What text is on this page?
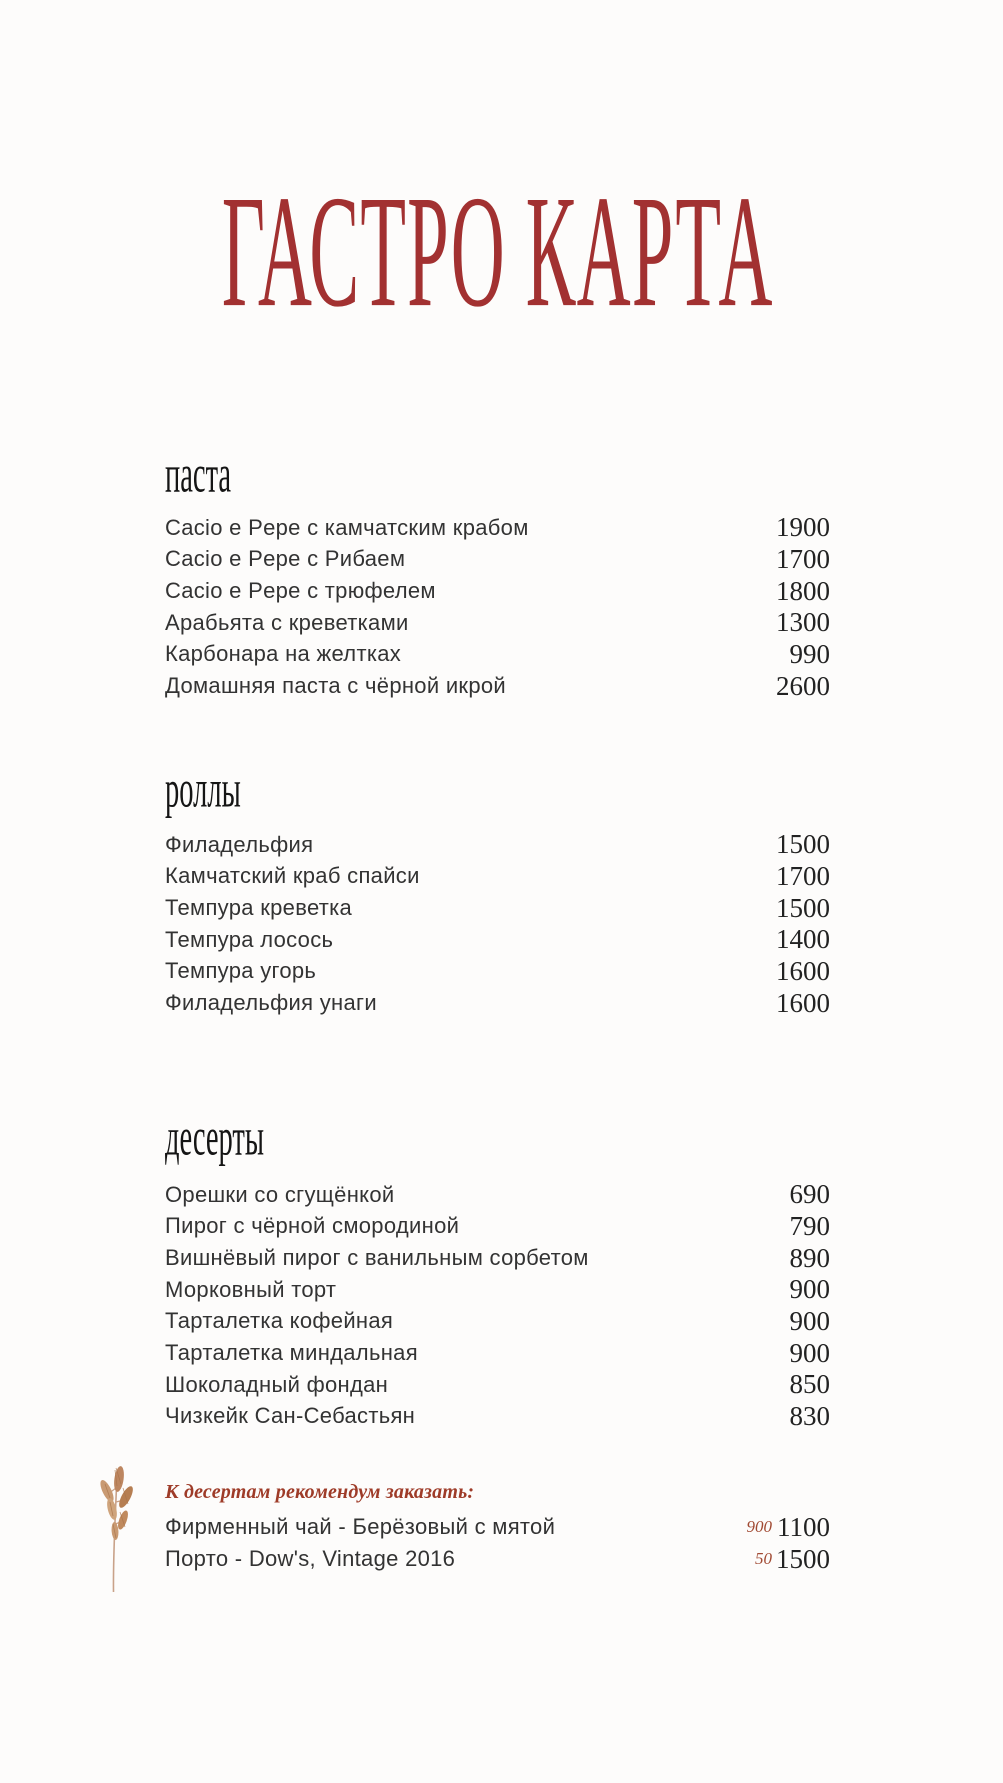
ГАСТРО КАРТА
паста
Cacio e Pepe с камчатским крабом	1900
Cacio e Pepe с Рибаем	1700
Cacio e Pepe с трюфелем	1800
Арабьята с креветками	1300
Карбонара на желтках	990
Домашняя паста с чёрной икрой	2600
роллы
Филадельфия	1500
Камчатский краб спайси	1700
Темпура креветка	1500
Темпура лосось	1400
Темпура угорь	1600
Филадельфия унаги	1600
десерты
Орешки со сгущёнкой	690
Пирог с чёрной смородиной	790
Вишнёвый пирог с ванильным сорбетом	890
Морковный торт	900
Тарталетка кофейная	900
Тарталетка миндальная	900
Шоколадный фондан	850
Чизкейк Сан-Себастьян	830
К десертам рекомендум заказать:
Фирменный чай - Берёзовый с мятой	900 1100
Порто - Dow's, Vintage 2016	50 1500
